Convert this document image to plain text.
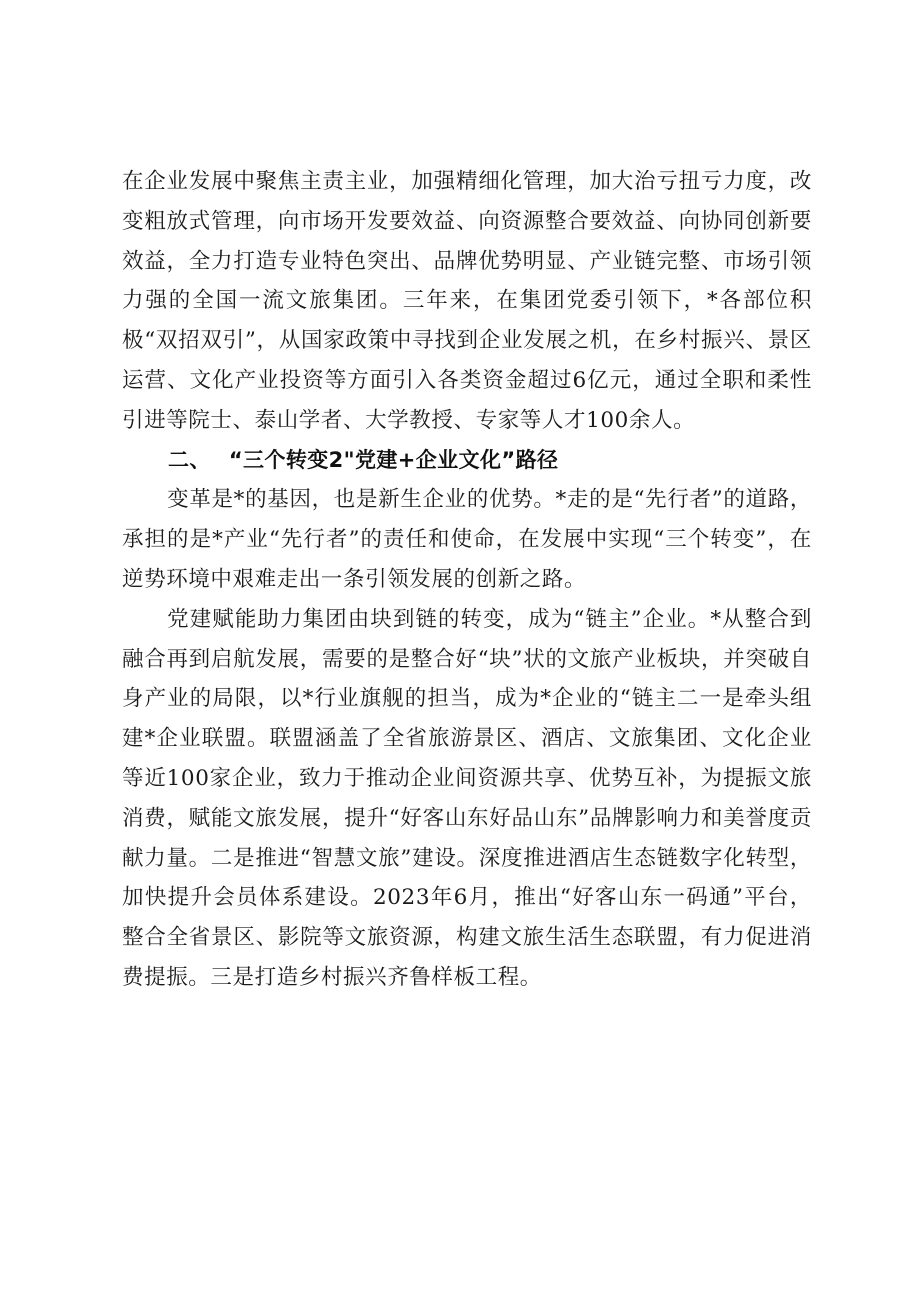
在企业发展中聚焦主责主业，加强精细化管理，加大治亏扭亏力度，改变粗放式管理，向市场开发要效益、向资源整合要效益、向协同创新要效益，全力打造专业特色突出、品牌优势明显、产业链完整、市场引领力强的全国一流文旅集团。三年来，在集团党委引领下，*各部位积极“双招双引”，从国家政策中寻找到企业发展之机，在乡村振兴、景区运营、文化产业投资等方面引入各类资金超过6亿元，通过全职和柔性引进等院士、泰山学者、大学教授、专家等人才100余人。

二、 “三个转变2"党建+企业文化”路径

变革是*的基因，也是新生企业的优势。*走的是“先行者”的道路，承担的是*产业“先行者”的责任和使命，在发展中实现“三个转变”，在逆势环境中艰难走出一条引领发展的创新之路。

党建赋能助力集团由块到链的转变，成为“链主”企业。*从整合到融合再到启航发展，需要的是整合好“块”状的文旅产业板块，并突破自身产业的局限，以*行业旗舰的担当，成为*企业的“链主二一是牵头组建*企业联盟。联盟涵盖了全省旅游景区、酒店、文旅集团、文化企业等近100家企业，致力于推动企业间资源共享、优势互补，为提振文旅消费，赋能文旅发展，提升“好客山东好品山东”品牌影响力和美誉度贡献力量。二是推进“智慧文旅”建设。深度推进酒店生态链数字化转型，加快提升会员体系建设。2023年6月，推出“好客山东一码通”平台，整合全省景区、影院等文旅资源，构建文旅生活生态联盟，有力促进消费提振。三是打造乡村振兴齐鲁样板工程。
